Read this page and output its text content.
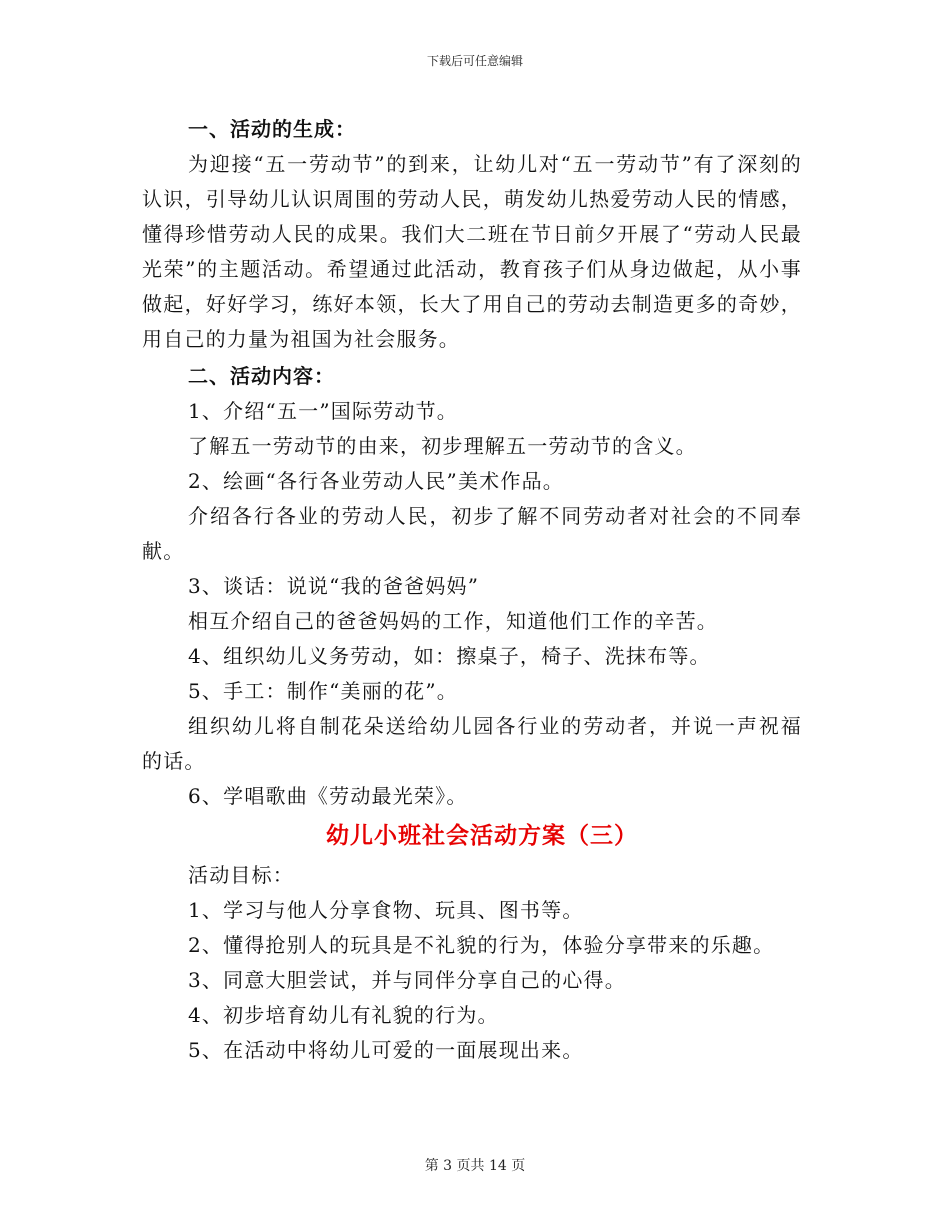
下载后可任意编辑

一、活动的生成：

为迎接“五一劳动节”的到来，让幼儿对“五一劳动节”有了深刻的认识，引导幼儿认识周围的劳动人民，萌发幼儿热爱劳动人民的情感，懂得珍惜劳动人民的成果。我们大二班在节日前夕开展了“劳动人民最光荣”的主题活动。希望通过此活动，教育孩子们从身边做起，从小事做起，好好学习，练好本领，长大了用自己的劳动去制造更多的奇妙，用自己的力量为祖国为社会服务。

二、活动内容：

1、介绍“五一”国际劳动节。

了解五一劳动节的由来，初步理解五一劳动节的含义。

2、绘画“各行各业劳动人民”美术作品。

介绍各行各业的劳动人民，初步了解不同劳动者对社会的不同奉献。

3、谈话：说说“我的爸爸妈妈”

相互介绍自己的爸爸妈妈的工作，知道他们工作的辛苦。

4、组织幼儿义务劳动，如：擦桌子，椅子、洗抹布等。

5、手工：制作“美丽的花”。

组织幼儿将自制花朵送给幼儿园各行业的劳动者，并说一声祝福的话。

6、学唱歌曲《劳动最光荣》。

幼儿小班社会活动方案（三）

活动目标：

1、学习与他人分享食物、玩具、图书等。

2、懂得抢别人的玩具是不礼貌的行为，体验分享带来的乐趣。

3、同意大胆尝试，并与同伴分享自己的心得。

4、初步培育幼儿有礼貌的行为。

5、在活动中将幼儿可爱的一面展现出来。

第 3 页共 14 页
